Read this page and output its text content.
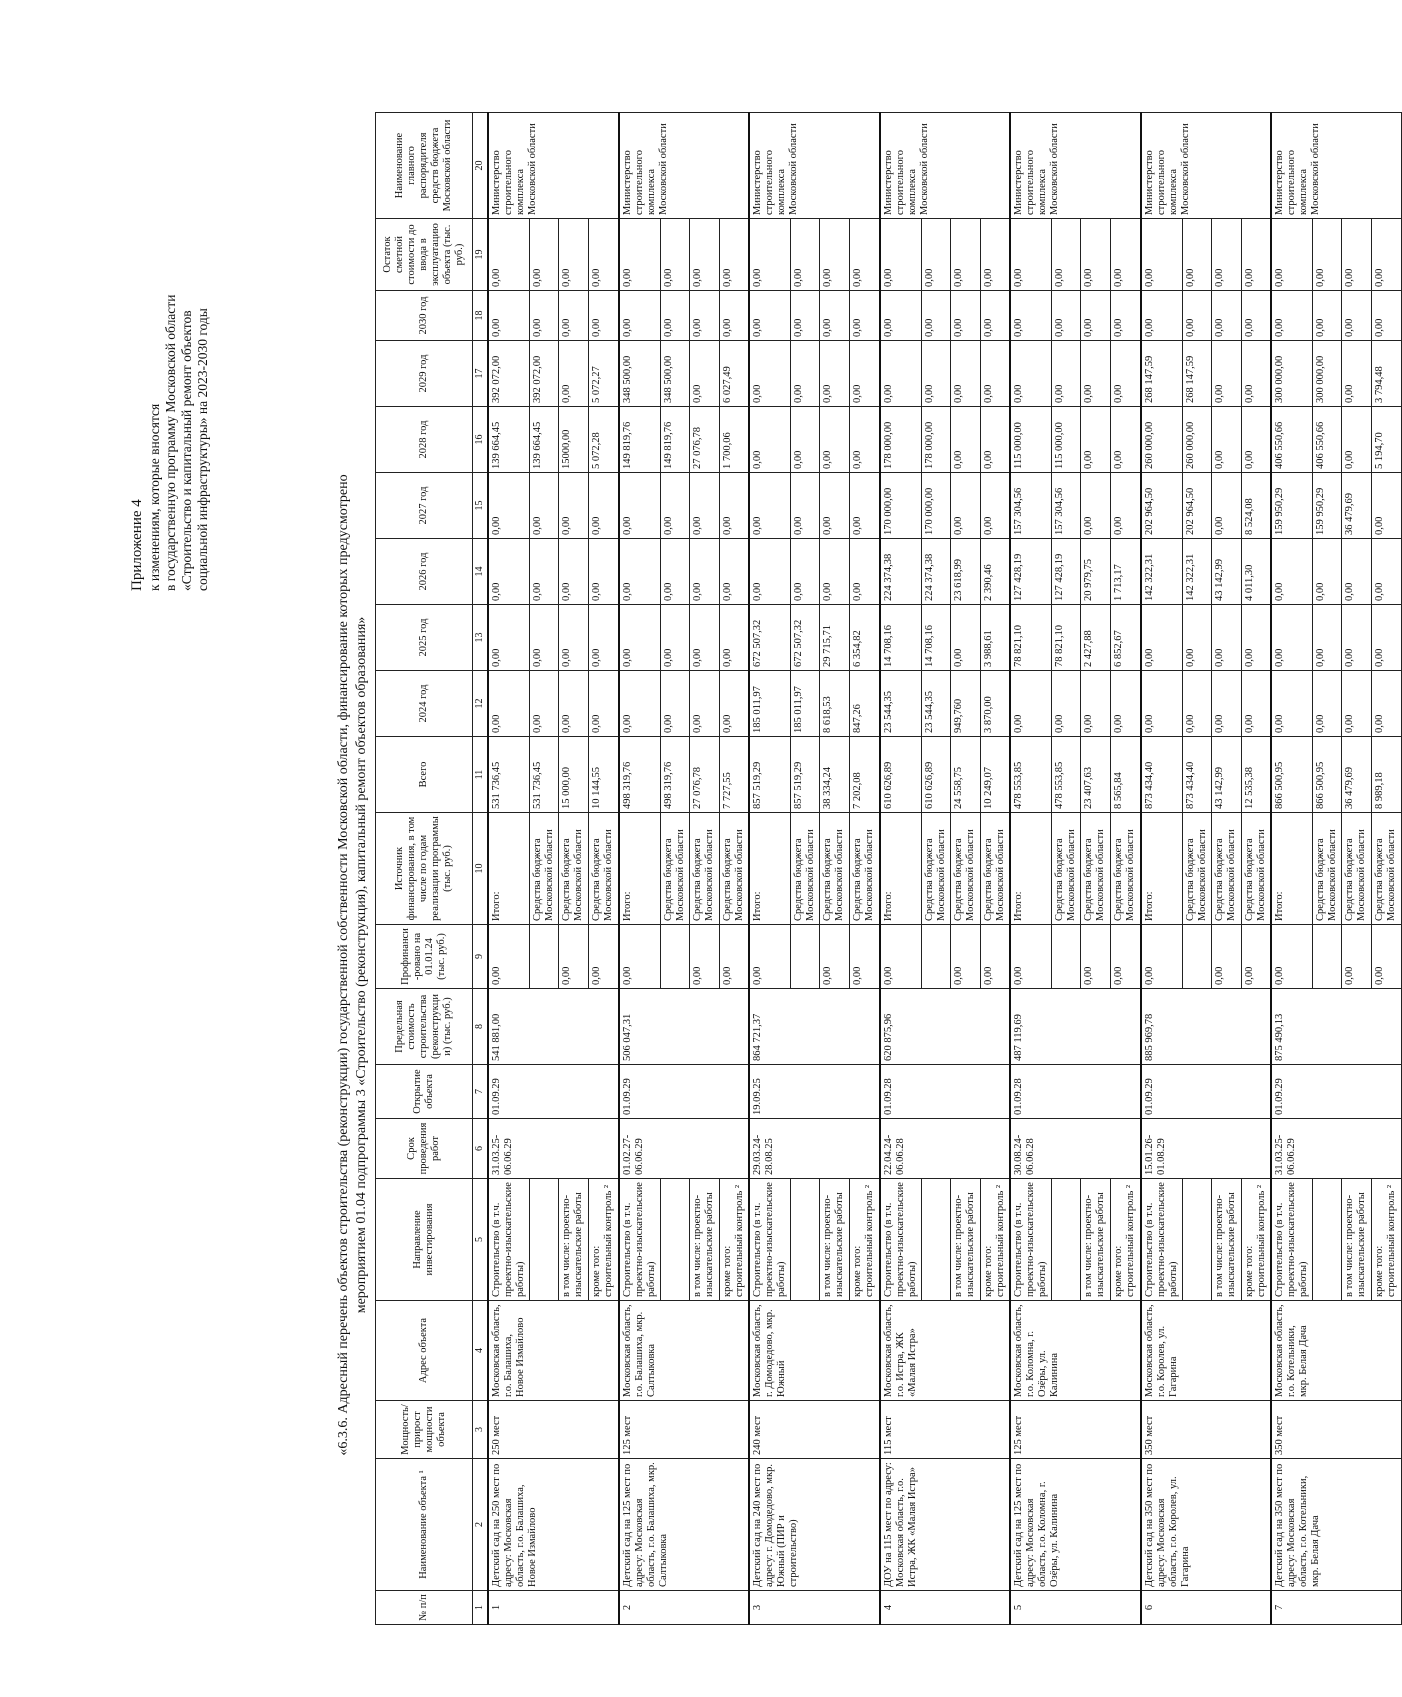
Приложение 4 к изменениям, которые вносятся в государственную программу Московской области «Строительство и капитальный ремонт объектов социальной инфраструктуры» на 2023-2030 годы
«6.3.6. Адресный перечень объектов строительства (реконструкции) государственной собственности Московской области, финансирование которых предусмотрено мероприятием 01.04 подпрограммы 3 «Строительство (реконструкция), капитальный ремонт объектов образования»
№ п/п	Наименование объекта ¹	Мощность/ прирост мощности объекта	Адрес объекта	Направление инвестирования	Срок проведения работ	Открытие объекта	Предельная стоимость строительства (реконструкции) (тыс. руб.)	Профинанси-ровано на 01.01.24 (тыс. руб.)	Источник финансирования, в том числе по годам реализации программы (тыс. руб.)	Всего	2024 год	2025 год	2026 год	2027 год	2028 год	2029 год	2030 год	Остаток сметной стоимости до ввода в эксплуатацию объекта (тыс. руб.)	Наименование главного распорядителя средств бюджета Московской области
1	2	3	4	5	6	7	8	9	10	11	12	13	14	15	16	17	18	19	20
1	Детский сад на 250 мест по адресу: Московская область, г.о. Балашиха, Новое Измайлово	250 мест	Московская область, г.о. Балашиха, Новое Измайлово	Строительство (в т.ч. проектно-изыскательские работы)	31.03.25-06.06.29	01.09.29	541 881,00	0,00	Итого:	531 736,45	0,00	0,00	0,00	0,00	139 664,45	392 072,00	0,00	0,00	Министерство строительного комплекса Московской области
									Средства бюджета Московской области	531 736,45	0,00	0,00	0,00	0,00	139 664,45	392 072,00	0,00	0,00	
				в том числе: проектно-изыскательские работы				0,00	Средства бюджета Московской области	15 000,00	0,00	0,00	0,00	0,00	15000,00	0,00	0,00	0,00	
				кроме того: строительный контроль ²				0,00	Средства бюджета Московской области	10 144,55	0,00	0,00	0,00	0,00	5 072,28	5 072,27	0,00	0,00	
2	Детский сад на 125 мест по адресу: Московская область, г.о. Балашиха, мкр. Салтыковка	125 мест	Московская область, г.о. Балашиха, мкр. Салтыковка	Строительство (в т.ч. проектно-изыскательские работы)	01.02.27-06.06.29	01.09.29	506 047,31	0,00	Итого:	498 319,76	0,00	0,00	0,00	0,00	149 819,76	348 500,00	0,00	0,00	Министерство строительного комплекса Московской области
									Средства бюджета Московской области	498 319,76	0,00	0,00	0,00	0,00	149 819,76	348 500,00	0,00	0,00	
				в том числе: проектно-изыскательские работы				0,00	Средства бюджета Московской области	27 076,78	0,00	0,00	0,00	0,00	27 076,78	0,00	0,00	0,00	
				кроме того: строительный контроль ²				0,00	Средства бюджета Московской области	7 727,55	0,00	0,00	0,00	0,00	1 700,06	6 027,49	0,00	0,00	
3	Детский сад на 240 мест по адресу: г. Домодедово, мкр. Южный (ПИР и строительство)	240 мест	Московская область, г. Домодедово, мкр. Южный	Строительство (в т.ч. проектно-изыскательские работы)	29.03.24-28.08.25	19.09.25	864 721,37	0,00	Итого:	857 519,29	185 011,97	672 507,32	0,00	0,00	0,00	0,00	0,00	0,00	Министерство строительного комплекса Московской области
									Средства бюджета Московской области	857 519,29	185 011,97	672 507,32	0,00	0,00	0,00	0,00	0,00	0,00	
				в том числе: проектно-изыскательские работы				0,00	Средства бюджета Московской области	38 334,24	8 618,53	29 715,71	0,00	0,00	0,00	0,00	0,00	0,00	
				кроме того: строительный контроль ²				0,00	Средства бюджета Московской области	7 202,08	847,26	6 354,82	0,00	0,00	0,00	0,00	0,00	0,00	
4	ДОУ на 115 мест по адресу: Московская область, г.о. Истра, ЖК «Малая Истра»	115 мест	Московская область, г.о. Истра, ЖК «Малая Истра»	Строительство (в т.ч. проектно-изыскательские работы)	22.04.24-06.06.28	01.09.28	620 875,96	0,00	Итого:	610 626,89	23 544,35	14 708,16	224 374,38	170 000,00	178 000,00	0,00	0,00	0,00	Министерство строительного комплекса Московской области
									Средства бюджета Московской области	610 626,89	23 544,35	14 708,16	224 374,38	170 000,00	178 000,00	0,00	0,00	0,00	
				в том числе: проектно-изыскательские работы				0,00	Средства бюджета Московской области	24 558,75	949,760	0,00	23 618,99	0,00	0,00	0,00	0,00	0,00	
				кроме того: строительный контроль ²				0,00	Средства бюджета Московской области	10 249,07	3 870,00	3 988,61	2 390,46	0,00	0,00	0,00	0,00	0,00	
5	Детский сад на 125 мест по адресу: Московская область, г.о. Коломна, г. Озёры, ул. Калинина	125 мест	Московская область, г.о. Коломна, г. Озёры, ул. Калинина	Строительство (в т.ч. проектно-изыскательские работы)	30.08.24-06.06.28	01.09.28	487 119,69	0,00	Итого:	478 553,85	0,00	78 821,10	127 428,19	157 304,56	115 000,00	0,00	0,00	0,00	Министерство строительного комплекса Московской области
									Средства бюджета Московской области	478 553,85	0,00	78 821,10	127 428,19	157 304,56	115 000,00	0,00	0,00	0,00	
				в том числе: проектно-изыскательские работы				0,00	Средства бюджета Московской области	23 407,63	0,00	2 427,88	20 979,75	0,00	0,00	0,00	0,00	0,00	
				кроме того: строительный контроль ²				0,00	Средства бюджета Московской области	8 565,84	0,00	6 852,67	1 713,17	0,00	0,00	0,00	0,00	0,00	
6	Детский сад на 350 мест по адресу: Московская область, г.о. Королев, ул. Гагарина	350 мест	Московская область, г.о. Королев, ул. Гагарина	Строительство (в т.ч. проектно-изыскательские работы)	15.01.26-01.08.29	01.09.29	885 969,78	0,00	Итого:	873 434,40	0,00	0,00	142 322,31	202 964,50	260 000,00	268 147,59	0,00	0,00	Министерство строительного комплекса Московской области
									Средства бюджета Московской области	873 434,40	0,00	0,00	142 322,31	202 964,50	260 000,00	268 147,59	0,00	0,00	
				в том числе: проектно-изыскательские работы				0,00	Средства бюджета Московской области	43 142,99	0,00	0,00	43 142,99	0,00	0,00	0,00	0,00	0,00	
				кроме того: строительный контроль ²				0,00	Средства бюджета Московской области	12 535,38	0,00	0,00	4 011,30	8 524,08	0,00	0,00	0,00	0,00	
7	Детский сад на 350 мест по адресу: Московская область, г.о. Котельники, мкр. Белая Дача	350 мест	Московская область, г.о. Котельники, мкр. Белая Дача	Строительство (в т.ч. проектно-изыскательские работы)	31.03.25-06.06.29	01.09.29	875 490,13	0,00	Итого:	866 500,95	0,00	0,00	0,00	159 950,29	406 550,66	300 000,00	0,00	0,00	Министерство строительного комплекса Московской области
									Средства бюджета Московской области	866 500,95	0,00	0,00	0,00	159 950,29	406 550,66	300 000,00	0,00	0,00	
				в том числе: проектно-изыскательские работы				0,00	Средства бюджета Московской области	36 479,69	0,00	0,00	0,00	36 479,69	0,00	0,00	0,00	0,00	
				кроме того: строительный контроль ²				0,00	Средства бюджета Московской области	8 989,18	0,00	0,00	0,00	0,00	5 194,70	3 794,48	0,00	0,00	
